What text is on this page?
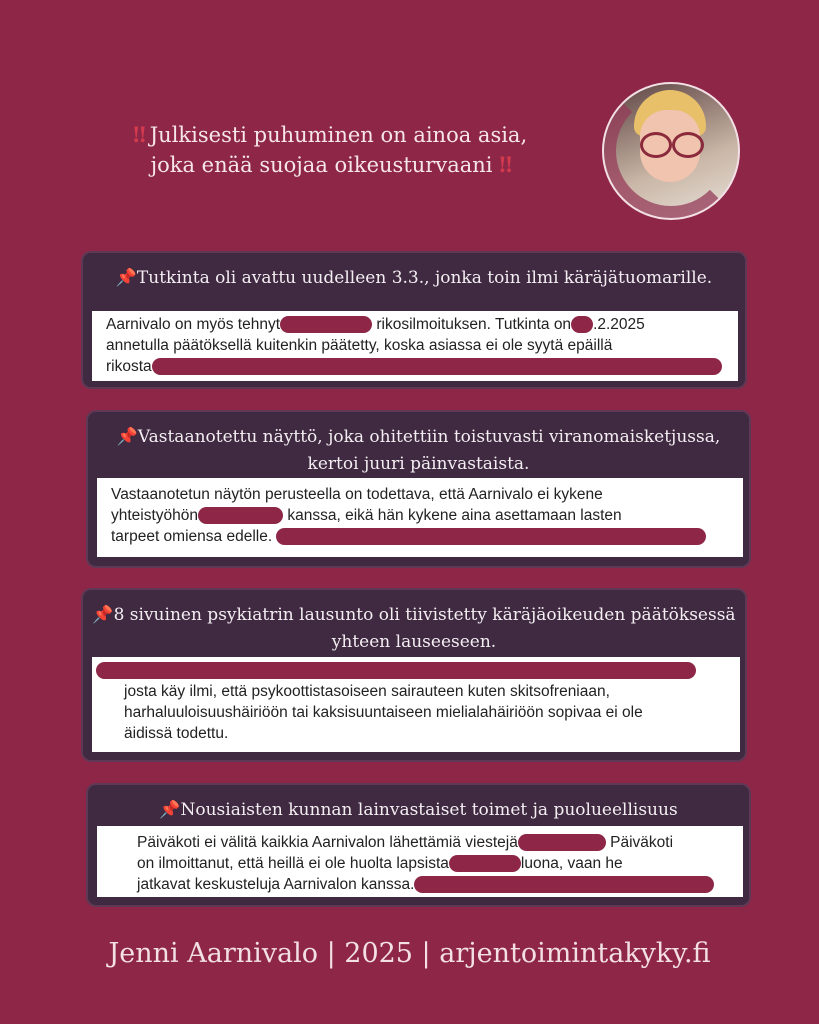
‼ Julkisesti puhuminen on ainoa asia,
joka enää suojaa oikeusturvaani ‼
📌Tutkinta oli avattu uudelleen 3.3., jonka toin ilmi käräjätuomarille.
Aarnivalo on myös tehnyt	rikosilmoituksen. Tutkinta on .2.2025
annetulla päätöksellä kuitenkin päätetty, koska asiassa ei ole syytä epäillä
rikosta
📌Vastaanotettu näyttö, joka ohitettiin toistuvasti viranomaisketjussa,
kertoi juuri päinvastaista.
Vastaanotetun näytön perusteella on todettava, että Aarnivalo ei kykene
yhteistyöhön	kanssa, eikä hän kykene aina asettamaan lasten
tarpeet omiensa edelle.
📌8 sivuinen psykiatrin lausunto oli tiivistetty käräjäoikeuden päätöksessä
yhteen lauseeseen.

josta käy ilmi, että psykoottistasoiseen sairauteen kuten skitsofreniaan,
harhaluuloisuushäiriöön tai kaksisuuntaiseen mielialahäiriöön sopivaa ei ole
äidissä todettu.
📌Nousiaisten kunnan lainvastaiset toimet ja puolueellisuus
Päiväkoti ei välitä kaikkia Aarnivalon lähettämiä viestejä	Päiväkoti
on ilmoittanut, että heillä ei ole huolta lapsista	luona, vaan he
jatkavat keskusteluja Aarnivalon kanssa.
Jenni Aarnivalo | 2025 | arjentoimintakyky.fi
